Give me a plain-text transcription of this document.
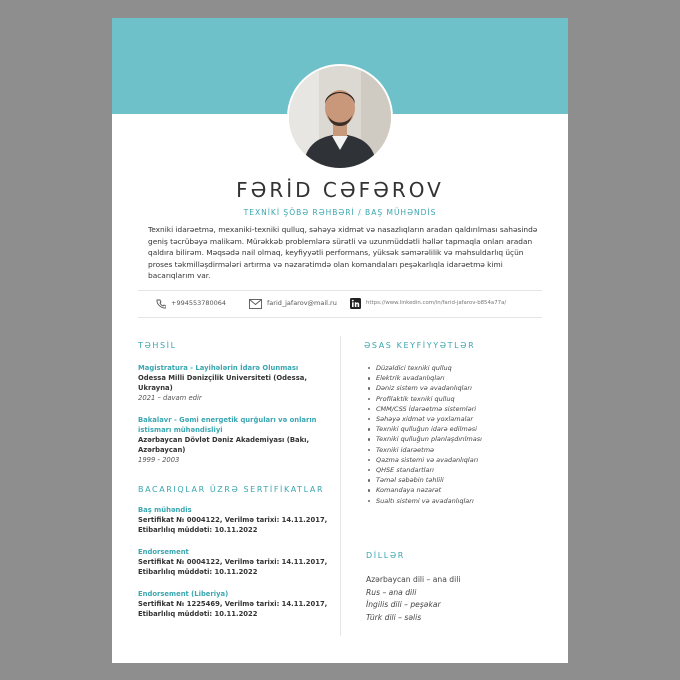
FƏRİD CƏFƏROV
TEXNİKİ ŞÖBƏ RƏHBƏRİ / BAŞ MÜHƏNDİS
Texniki idarəetmə, mexaniki-texniki qulluq, səhəyə xidmət və nasazlıqların aradan qaldırılması sahəsində geniş təcrübəyə malikəm. Mürəkkəb problemlərə sürətli və uzunmüddətli həllər tapmaqla onları aradan qaldıra bilirəm. Məqsədə nail olmaq, keyfiyyətli performans, yüksək səmərəlilik və məhsuldarlıq üçün proses təkmilləşdirmələri artırma və nəzarətimdə olan komandaları peşəkarlıqla idarəetmə kimi bacarıqlarım var.
+994553780064	farid_jafarov@mail.ru	https://www.linkedin.com/in/farid-jafarov-b854a77a/
TƏHSİL
Magistratura - Layihələrin İdarə Olunması
Odessa Milli Dənizçilik Universiteti (Odessa,
Ukrayna)
2021 – davam edir
Bakalavr - Gəmi energetik qurğuları və onların
istismarı mühəndisliyi
Azərbaycan Dövlət Dəniz Akademiyası (Bakı,
Azərbaycan)
1999 - 2003
BACARIQLAR ÜZRƏ SERTİFİKATLAR
Baş mühəndis
Sertifikat № 0004122, Verilmə tarixi: 14.11.2017,
Etibarlılıq müddəti: 10.11.2022
Endorsement
Sertifikat № 0004122, Verilmə tarixi: 14.11.2017,
Etibarlılıq müddəti: 10.11.2022
Endorsement (Liberiya)
Sertifikat № 1225469, Verilmə tarixi: 14.11.2017,
Etibarlılıq müddəti: 10.11.2022
ƏSAS KEYFİYYƏTLƏR
Düzəldici texniki qulluq
Elektrik avadanlıqları
Dəniz sistem və avadanlıqları
Profilaktik texniki qulluq
CMM/CSS İdarəetmə sistemləri
Səhəyə xidmət və yoxlamalar
Texniki qulluğun idarə edilməsi
Texniki qulluğun planlaşdırılması
Texniki idarəetmə
Qazma sistemi və avadanlıqları
QHSE standartları
Təməl səbəbin təhlili
Komandaya nəzarət
Sualtı sistemi və avadanlıqları
DİLLƏR
Azərbaycan dili – ana dili
Rus – ana dili
İngilis dili – peşəkar
Türk dili – səlis
